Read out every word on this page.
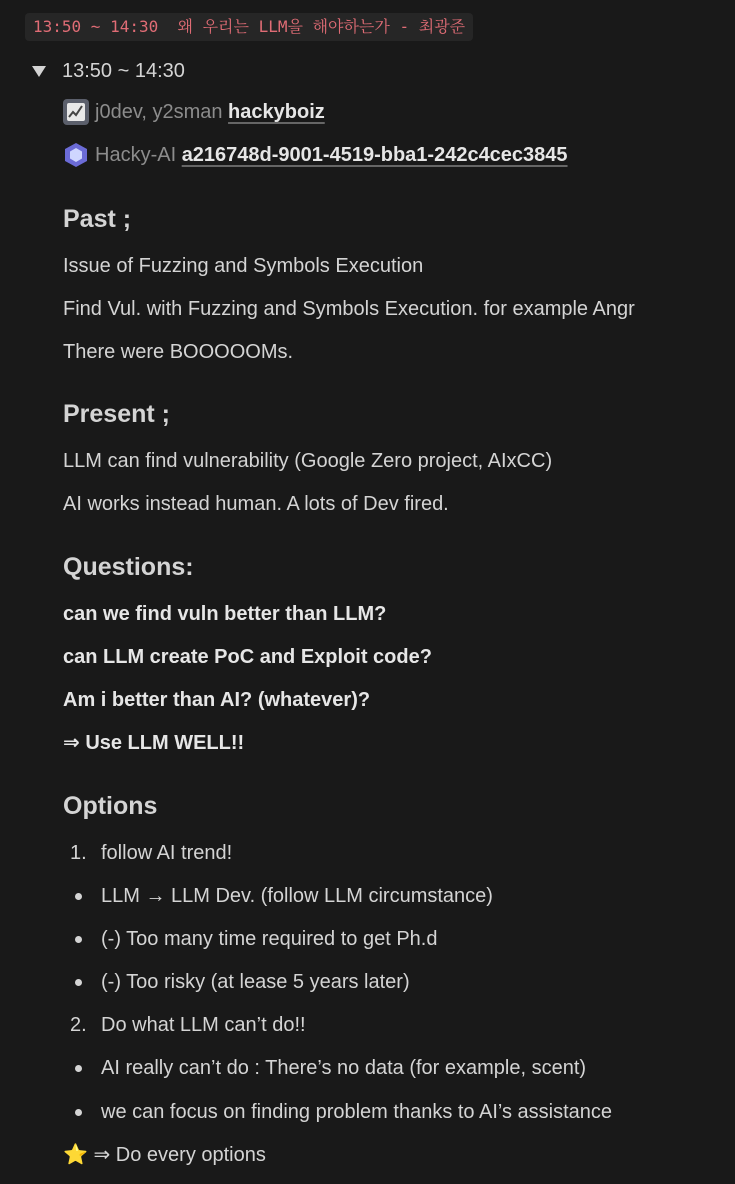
13:50 ~ 14:30  왜 우리는 LLM을 해야하는가 - 최광준
13:50 ~ 14:30
j0dev, y2sman
hackyboiz
Hacky-AI
a216748d-9001-4519-bba1-242c4cec3845
Past ;
Issue of Fuzzing and Symbols Execution
Find Vul. with Fuzzing and Symbols Execution. for example Angr
There were BOOOOOMs.
Present ;
LLM can find vulnerability (Google Zero project, AIxCC)
AI works instead human. A lots of Dev fired.
Questions:
can we find vuln better than LLM?
can LLM create PoC and Exploit code?
Am i better than AI? (whatever)?
⇒ Use LLM WELL!!
Options
1. follow AI trend!
LLM → LLM Dev. (follow LLM circumstance)
(-) Too many time required to get Ph.d
(-) Too risky (at lease 5 years later)
2. Do what LLM can’t do!!
AI really can’t do : There’s no data (for example, scent)
we can focus on finding problem thanks to AI’s assistance
⭐ ⇒ Do every options
